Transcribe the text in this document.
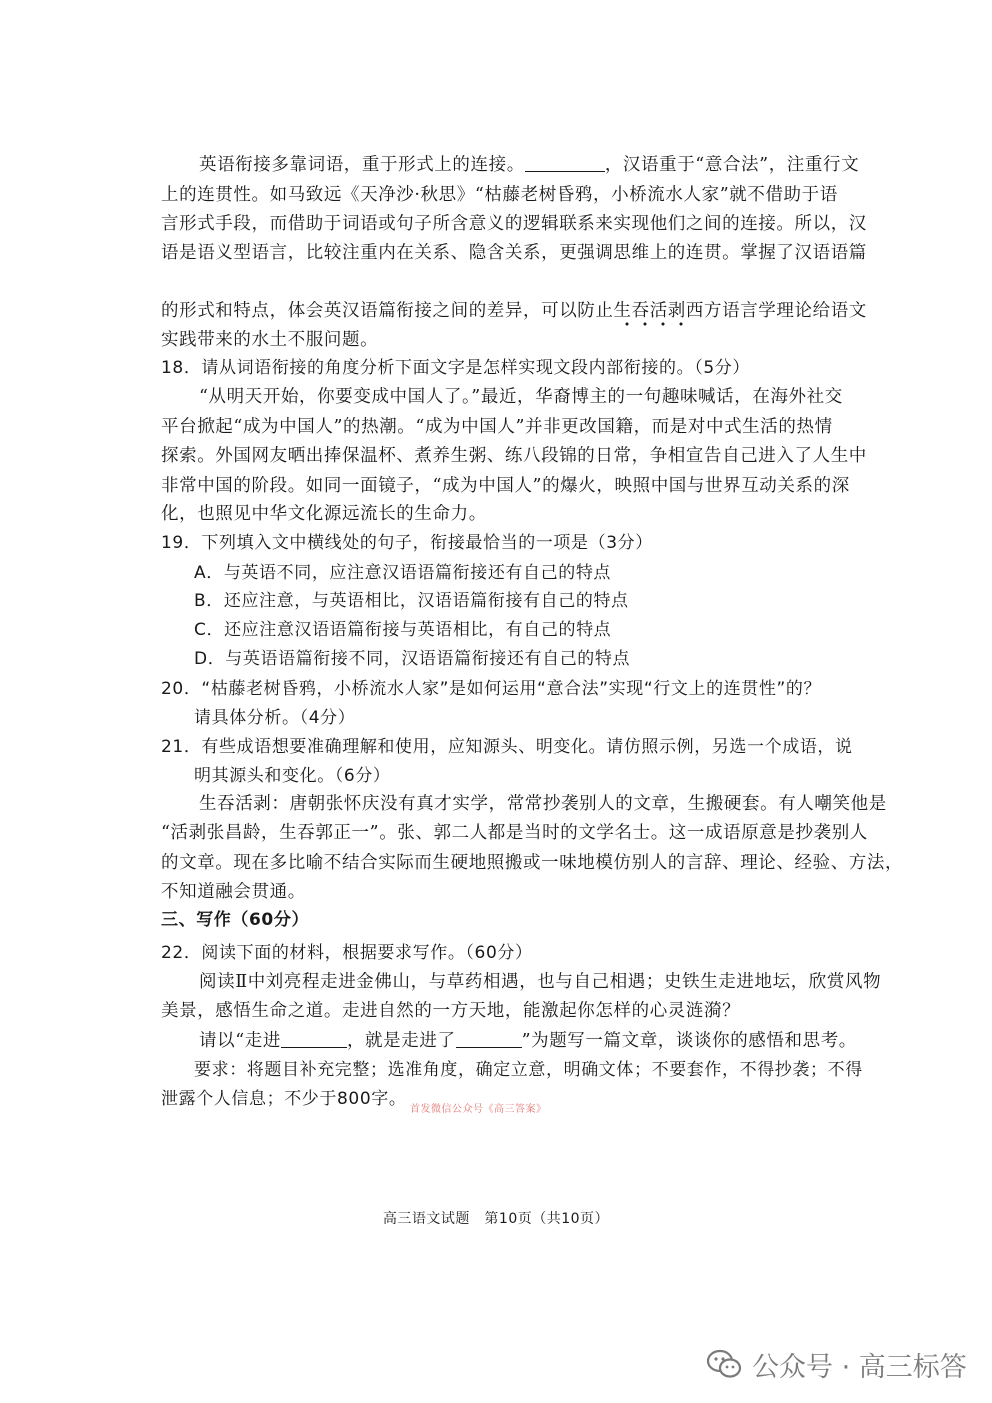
英语衔接多靠词语，重于形式上的连接。	，汉语重于“意合法”，注重行文
上的连贯性。如马致远《天净沙·秋思》“枯藤老树昏鸦，小桥流水人家”就不借助于语
言形式手段，而借助于词语或句子所含意义的逻辑联系来实现他们之间的连接。所以，汉
语是语义型语言，比较注重内在关系、隐含关系，更强调思维上的连贯。掌握了汉语语篇
的形式和特点，体会英汉语篇衔接之间的差异，可以防止生吞活剥西方语言学理论给语文
实践带来的水土不服问题。
18．请从词语衔接的角度分析下面文字是怎样实现文段内部衔接的。（5分）
“从明天开始，你要变成中国人了。”最近，华裔博主的一句趣味喊话，在海外社交
平台掀起“成为中国人”的热潮。“成为中国人”并非更改国籍，而是对中式生活的热情
探索。外国网友晒出捧保温杯、煮养生粥、练八段锦的日常，争相宣告自己进入了人生中
非常中国的阶段。如同一面镜子，“成为中国人”的爆火，映照中国与世界互动关系的深
化，也照见中华文化源远流长的生命力。
19．下列填入文中横线处的句子，衔接最恰当的一项是（3分）
A．与英语不同，应注意汉语语篇衔接还有自己的特点
B．还应注意，与英语相比，汉语语篇衔接有自己的特点
C．还应注意汉语语篇衔接与英语相比，有自己的特点
D．与英语语篇衔接不同，汉语语篇衔接还有自己的特点
20．“枯藤老树昏鸦，小桥流水人家”是如何运用“意合法”实现“行文上的连贯性”的？
请具体分析。（4分）
21．有些成语想要准确理解和使用，应知源头、明变化。请仿照示例，另选一个成语，说
明其源头和变化。（6分）
生吞活剥：唐朝张怀庆没有真才实学，常常抄袭别人的文章，生搬硬套。有人嘲笑他是
“活剥张昌龄，生吞郭正一”。张、郭二人都是当时的文学名士。这一成语原意是抄袭别人
的文章。现在多比喻不结合实际而生硬地照搬或一味地模仿别人的言辞、理论、经验、方法，
不知道融会贯通。
三、写作（60分）
22．阅读下面的材料，根据要求写作。（60分）
阅读Ⅱ中刘亮程走进金佛山，与草药相遇，也与自己相遇；史铁生走进地坛，欣赏风物
美景，感悟生命之道。走进自然的一方天地，能激起你怎样的心灵涟漪？
请以“走进	，就是走进了	”为题写一篇文章，谈谈你的感悟和思考。
要求：将题目补充完整；选准角度，确定立意，明确文体；不要套作，不得抄袭；不得
泄露个人信息；不少于800字。
首发微信公众号《高三答案》
高三语文试题　第10页（共10页）
公众号 · 高三标答
